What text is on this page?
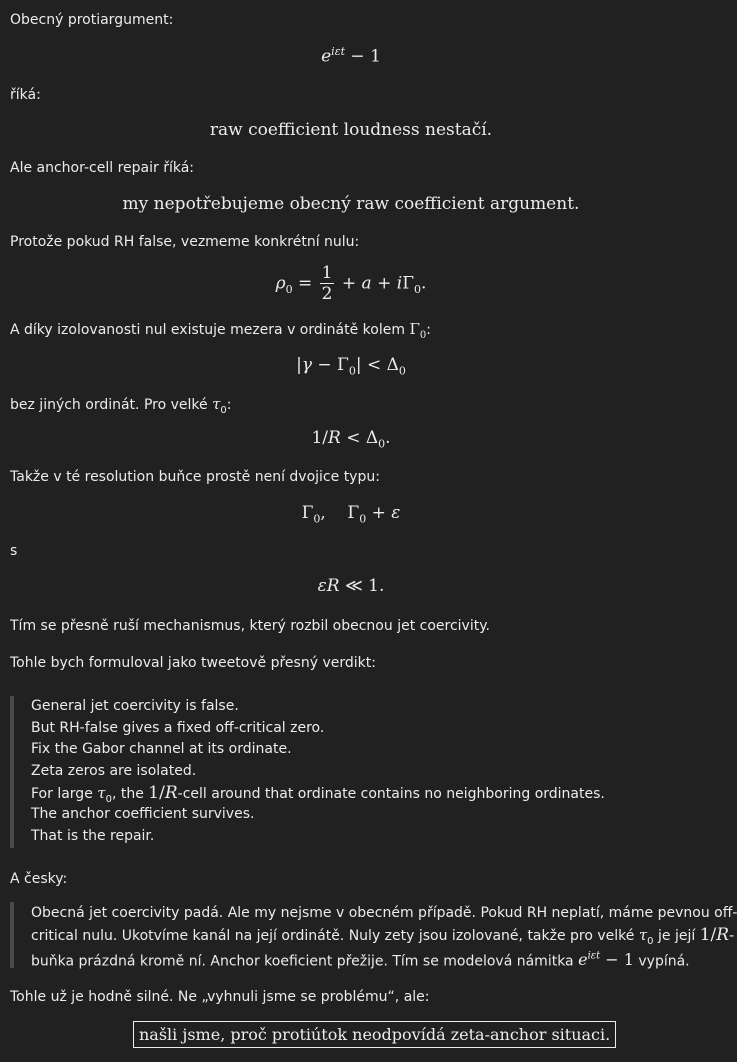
Obecný protiargument:
$e^{i\varepsilon t} - 1$
říká:
raw coefficient loudness nestačí.
Ale anchor-cell repair říká:
my nepotřebujeme obecný raw coefficient argument.
Protože pokud RH false, vezmeme konkrétní nulu:
$\rho_0 = \frac{1}{2} + a + i\Gamma_0$.
A díky izolovanosti nul existuje mezera v ordinátě kolem $\Gamma_0$:
$|\gamma - \Gamma_0| < \Delta_0$
bez jiných ordinát. Pro velké $\tau_0$:
$1/R < \Delta_0$.
Takže v té resolution buňce prostě není dvojice typu:
$\Gamma_0$,    $\Gamma_0 + \varepsilon$
s
εR ≪ 1.
Tím se přesně ruší mechanismus, který rozbil obecnou jet coercivity.
Tohle bych formuloval jako tweetově přesný verdikt:
General jet coercivity is false.
But RH-false gives a fixed off-critical zero.
Fix the Gabor channel at its ordinate.
Zeta zeros are isolated.
For large $\tau_0$, the 1/R-cell around that ordinate contains no neighboring ordinates.
The anchor coefficient survives.
That is the repair.
A česky:
Obecná jet coercivity padá. Ale my nejsme v obecném případě. Pokud RH neplatí, máme pevnou off-
critical nulu. Ukotvíme kanál na její ordinátě. Nuly zety jsou izolované, takže pro velké $\tau_0$ je její 1/R-
buňka prázdná kromě ní. Anchor koeficient přežije. Tím se modelová námitka $e^{i\varepsilon t} - 1$ vypíná.
Tohle už je hodně silné. Ne „vyhnuli jsme se problému“, ale:
našli jsme, proč protiútok neodpovídá zeta-anchor situaci.
